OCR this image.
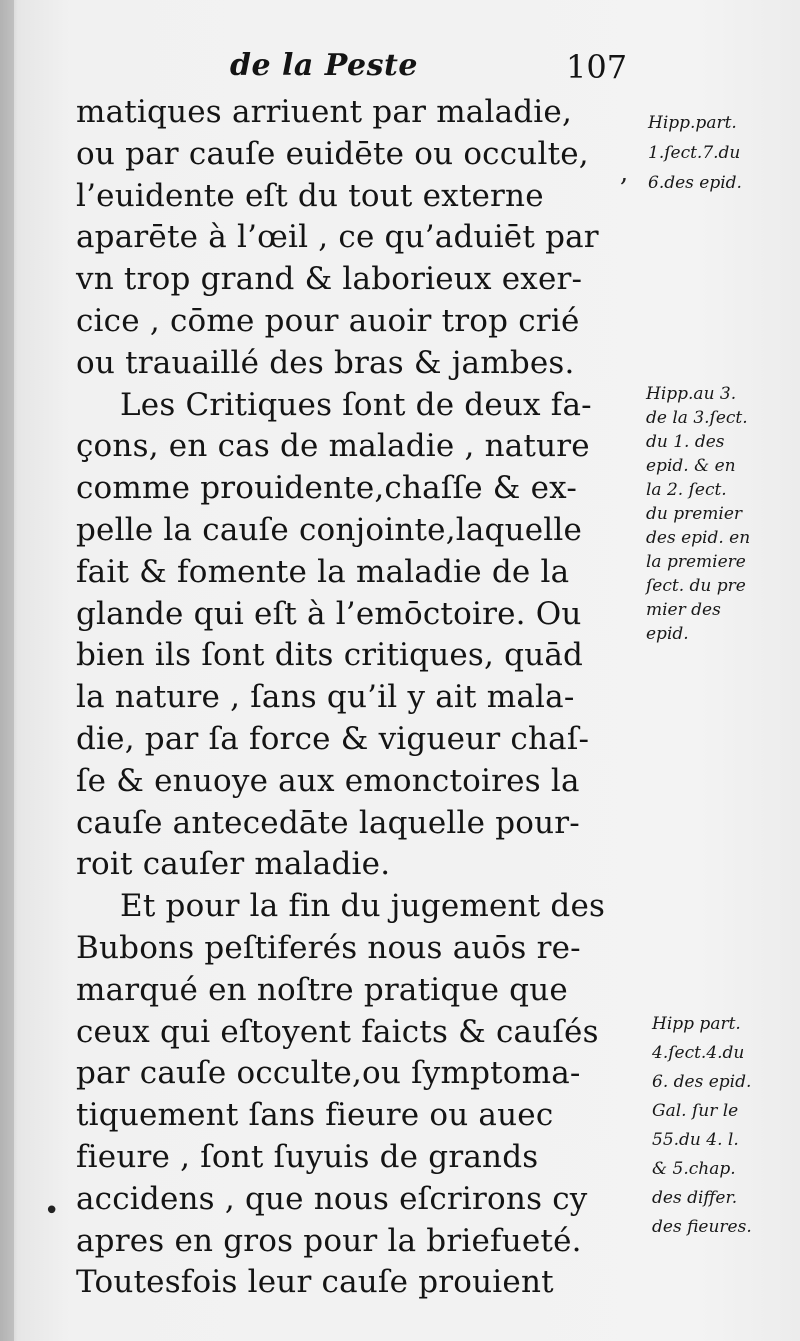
de la Peste	107
matiques arriuent par maladie,
ou par cauſe euidēte ou occulte,
l’euidente eſt du tout externe
aparēte à l’œil , ce qu’aduiēt par
vn trop grand & laborieux exer-
cice , cōme pour auoir trop crié
ou trauaillé des bras & jambes.
Les Critiques ſont de deux fa-
çons, en cas de maladie , nature
comme prouidente,chaſſe & ex-
pelle la cauſe conjointe,laquelle
fait & fomente la maladie de la
glande qui eſt à l’emōctoire. Ou
bien ils ſont dits critiques, quād
la nature , ſans qu’il y ait mala-
die, par ſa force & vigueur chaſ-
ſe & enuoye aux emonctoires la
cauſe antecedāte laquelle pour-
roit cauſer maladie.
Et pour la fin du jugement des
Bubons peſtiferés nous auōs re-
marqué en noſtre pratique que
ceux qui eſtoyent faicts & cauſés
par cauſe occulte,ou ſymptoma-
tiquement ſans fieure ou auec
fieure , ſont ſuyuis de grands
accidens , que nous eſcrirons cy
apres en gros pour la briefueté.
Toutesfois leur cauſe prouient
Hipp.part.
1.ſect.7.du
6.des epid.
Hipp.au 3.
de la 3.ſect.
du 1. des
epid. & en
la 2. ſect.
du premier
des epid. en
la premiere
ſect. du pre
mier des
epid.
Hipp part.
4.ſect.4.du
6. des epid.
Gal. ſur le
55.du 4. l.
& 5.chap.
des differ.
des fieures.
•
,
